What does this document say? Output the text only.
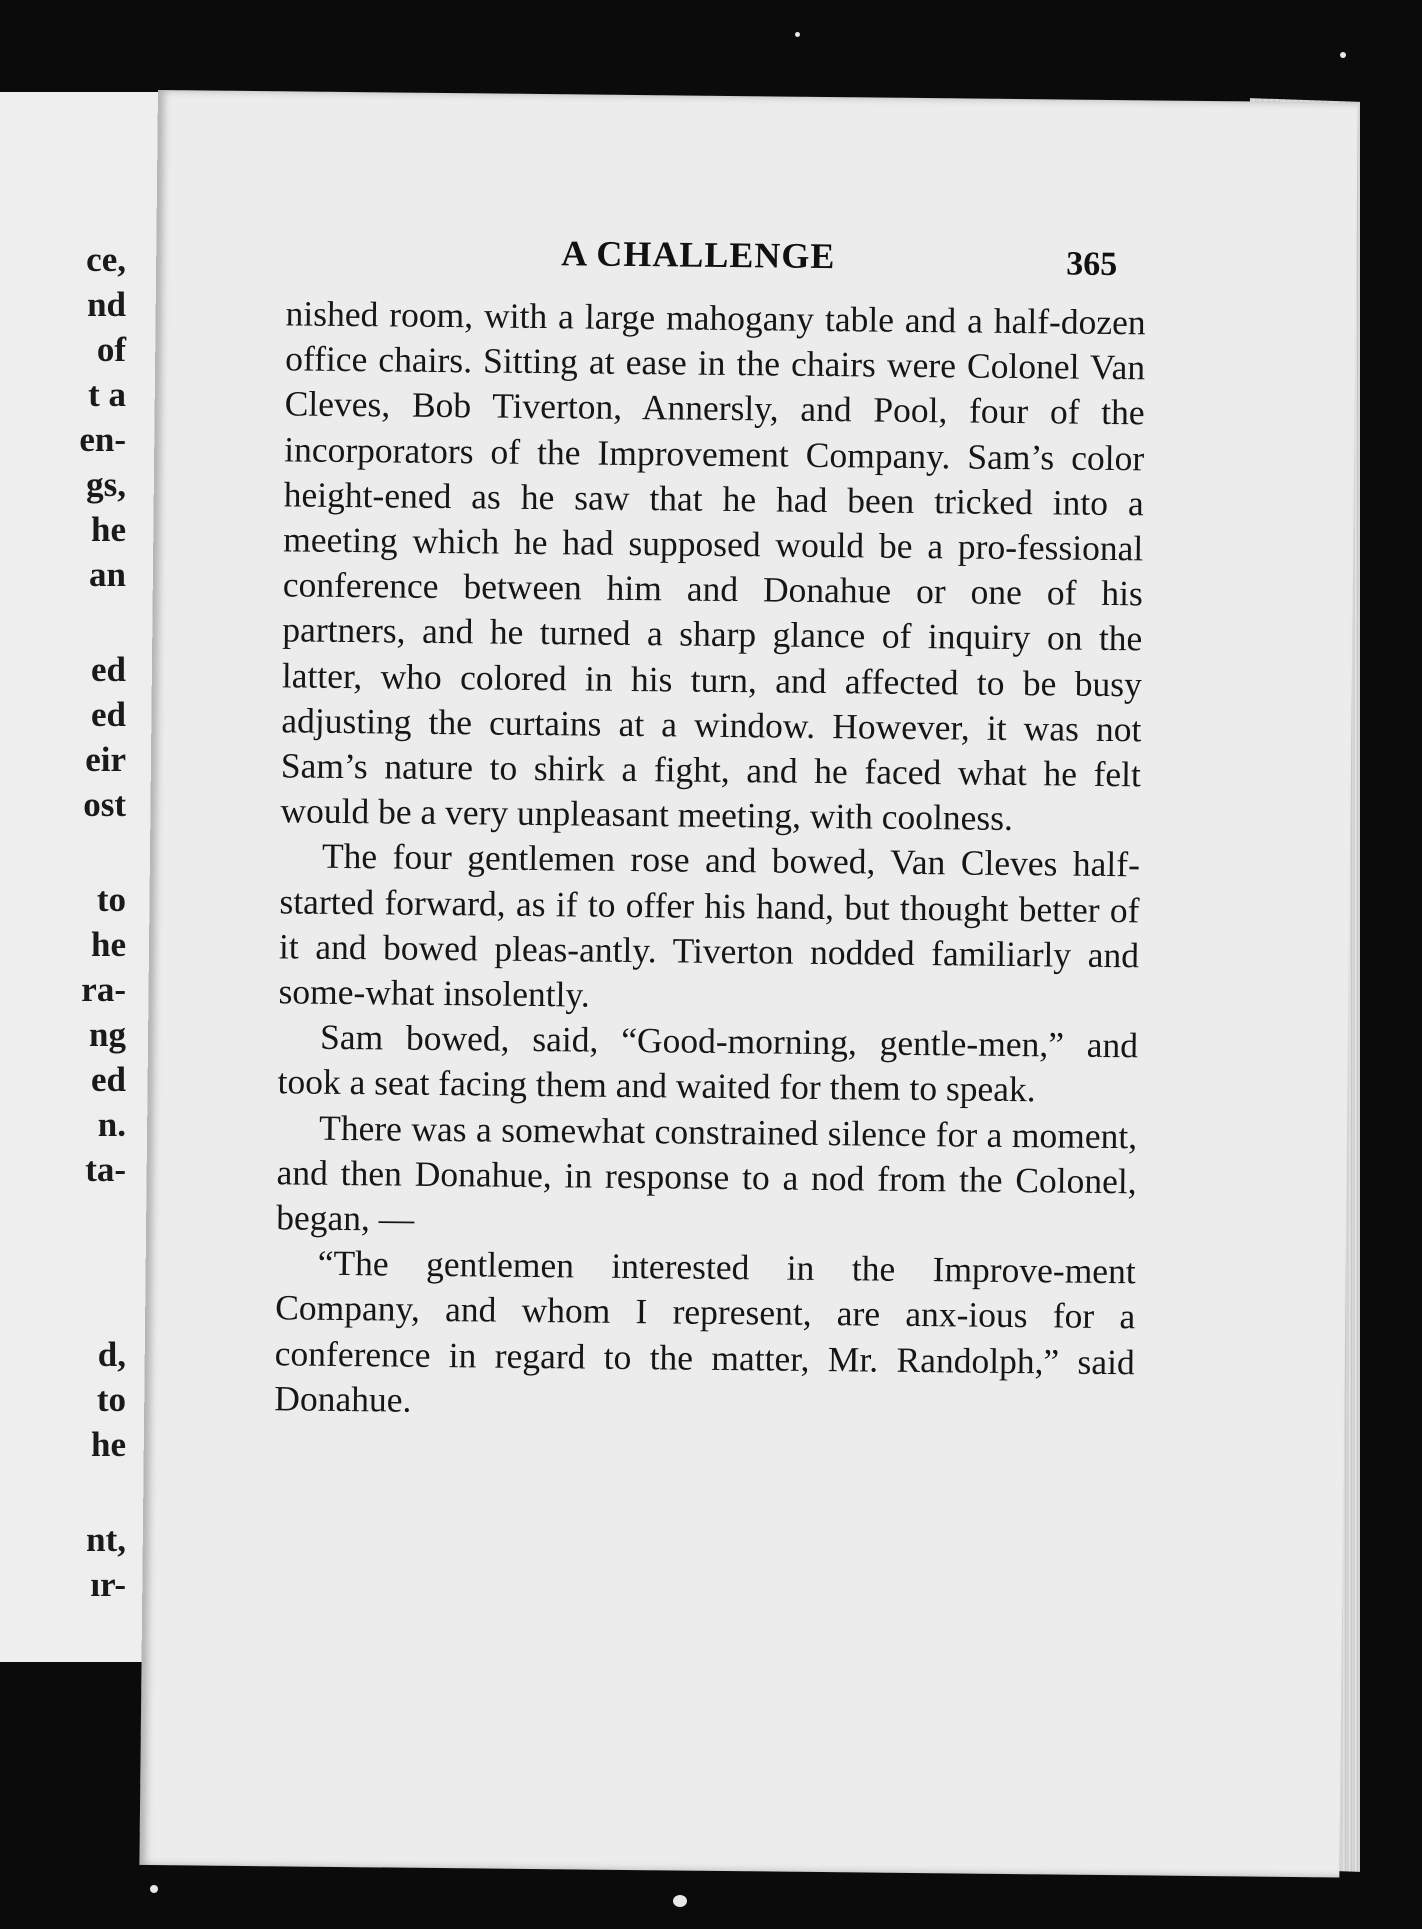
ce,
nd
of
t a
en-
gs,
he
an
ed
ed
eir
ost
to
he
ra-
ng
ed
n.
ta-
d,
to
he
nt,
ır-
A CHALLENGE	365

nished room, with a large mahogany table and a half-dozen office chairs. Sitting at ease in the chairs were Colonel Van Cleves, Bob Tiverton, Annersly, and Pool, four of the incorporators of the Improvement Company. Sam’s color height-ened as he saw that he had been tricked into a meeting which he had supposed would be a pro-fessional conference between him and Donahue or one of his partners, and he turned a sharp glance of inquiry on the latter, who colored in his turn, and affected to be busy adjusting the curtains at a window. However, it was not Sam’s nature to shirk a fight, and he faced what he felt would be a very unpleasant meeting, with coolness.

The four gentlemen rose and bowed, Van Cleves half-started forward, as if to offer his hand, but thought better of it and bowed pleas-antly. Tiverton nodded familiarly and some-what insolently.

Sam bowed, said, “Good-morning, gentle-men,” and took a seat facing them and waited for them to speak.

There was a somewhat constrained silence for a moment, and then Donahue, in response to a nod from the Colonel, began, —

“The gentlemen interested in the Improve-ment Company, and whom I represent, are anx-ious for a conference in regard to the matter, Mr. Randolph,” said Donahue.
